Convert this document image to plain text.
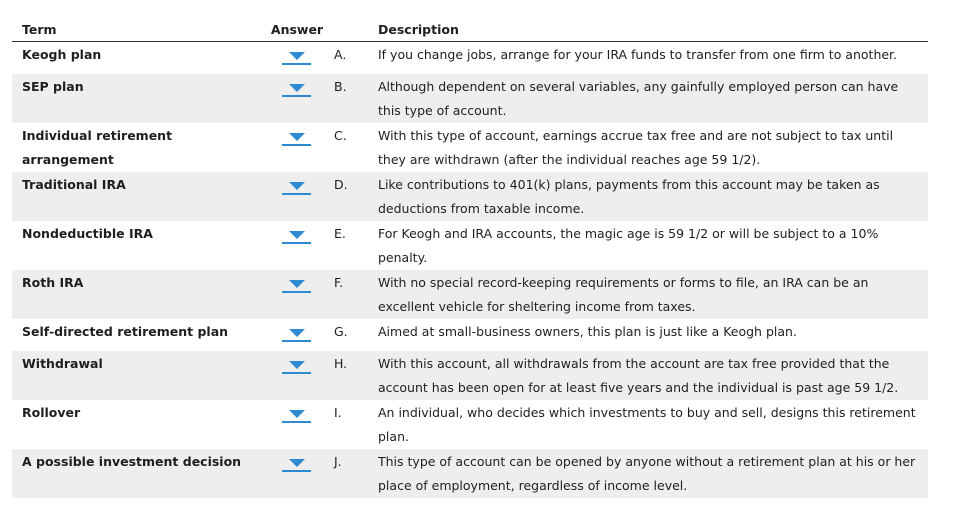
Term	Answer		Description
Keogh plan		A.	If you change jobs, arrange for your IRA funds to transfer from one firm to another.
SEP plan		B.	Although dependent on several variables, any gainfully employed person can have this type of account.
Individual retirement arrangement		C.	With this type of account, earnings accrue tax free and are not subject to tax until they are withdrawn (after the individual reaches age 59 1/2).
Traditional IRA		D.	Like contributions to 401(k) plans, payments from this account may be taken as deductions from taxable income.
Nondeductible IRA		E.	For Keogh and IRA accounts, the magic age is 59 1/2 or will be subject to a 10% penalty.
Roth IRA		F.	With no special record-keeping requirements or forms to file, an IRA can be an excellent vehicle for sheltering income from taxes.
Self-directed retirement plan		G.	Aimed at small-business owners, this plan is just like a Keogh plan.
Withdrawal		H.	With this account, all withdrawals from the account are tax free provided that the account has been open for at least five years and the individual is past age 59 1/2.
Rollover		I.	An individual, who decides which investments to buy and sell, designs this retirement plan.
A possible investment decision		J.	This type of account can be opened by anyone without a retirement plan at his or her place of employment, regardless of income level.
